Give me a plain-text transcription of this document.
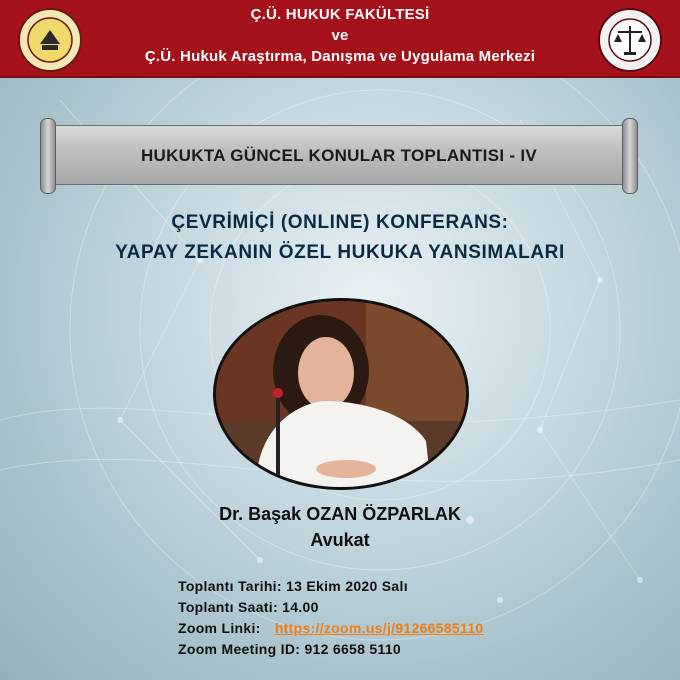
Ç.Ü. HUKUK FAKÜLTESİ
ve
Ç.Ü. Hukuk Araştırma, Danışma ve Uygulama Merkezi
HUKUKTA GÜNCEL KONULAR TOPLANTISI - IV
ÇEVRİMİÇİ (ONLINE) KONFERANS:
YAPAY ZEKANIN ÖZEL HUKUKA YANSIMALARI
Dr. Başak OZAN ÖZPARLAK
Avukat
Toplantı Tarihi: 13 Ekim 2020 Salı
Toplantı Saati: 14.00
Zoom Linki: https://zoom.us/j/91266585110
Zoom Meeting ID: 912 6658 5110
